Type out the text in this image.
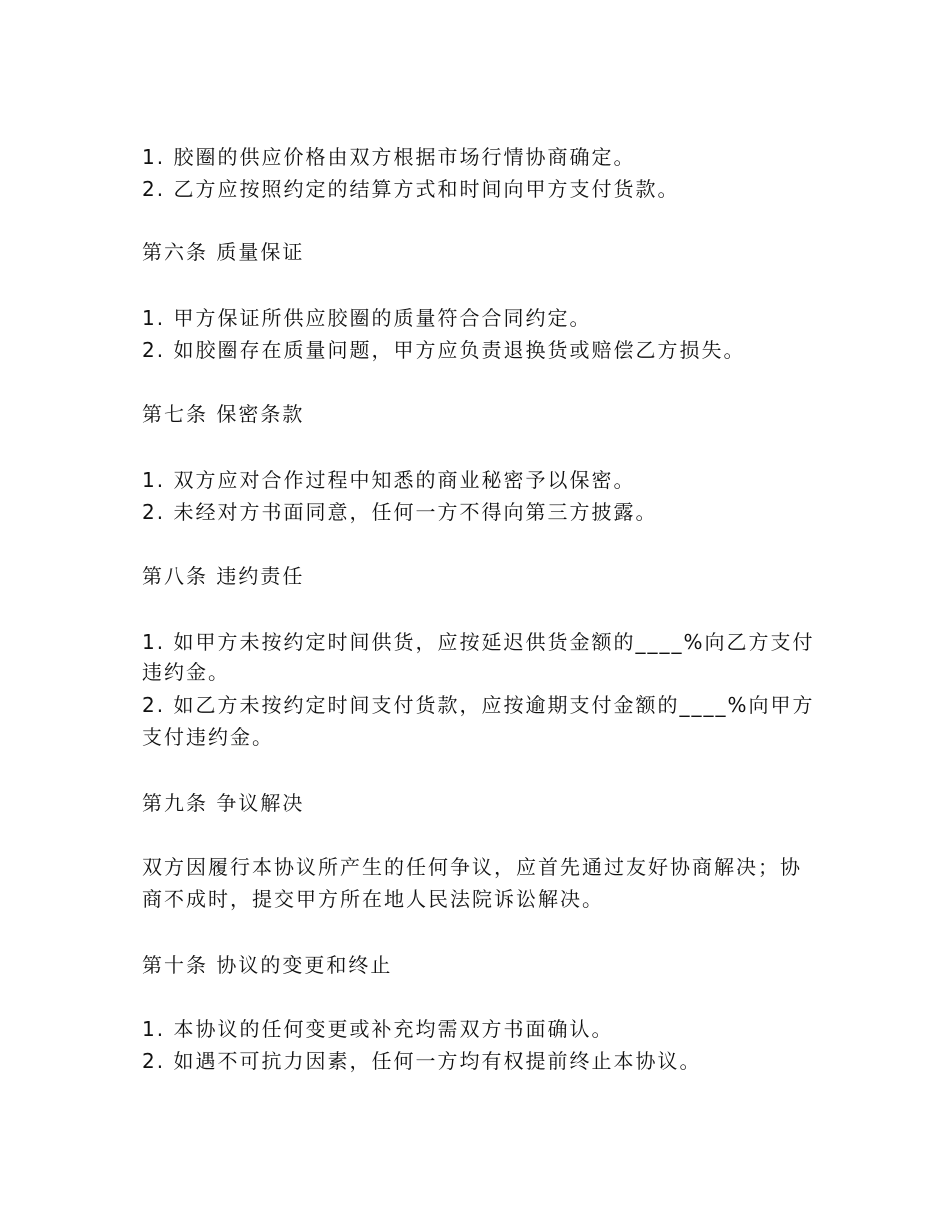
1. 胶圈的供应价格由双方根据市场行情协商确定。
2. 乙方应按照约定的结算方式和时间向甲方支付货款。
第六条 质量保证
1. 甲方保证所供应胶圈的质量符合合同约定。
2. 如胶圈存在质量问题，甲方应负责退换货或赔偿乙方损失。
第七条 保密条款
1. 双方应对合作过程中知悉的商业秘密予以保密。
2. 未经对方书面同意，任何一方不得向第三方披露。
第八条 违约责任
1. 如甲方未按约定时间供货，应按延迟供货金额的____%向乙方支付
违约金。
2. 如乙方未按约定时间支付货款，应按逾期支付金额的____%向甲方
支付违约金。
第九条 争议解决
双方因履行本协议所产生的任何争议，应首先通过友好协商解决；协
商不成时，提交甲方所在地人民法院诉讼解决。
第十条 协议的变更和终止
1. 本协议的任何变更或补充均需双方书面确认。
2. 如遇不可抗力因素，任何一方均有权提前终止本协议。
